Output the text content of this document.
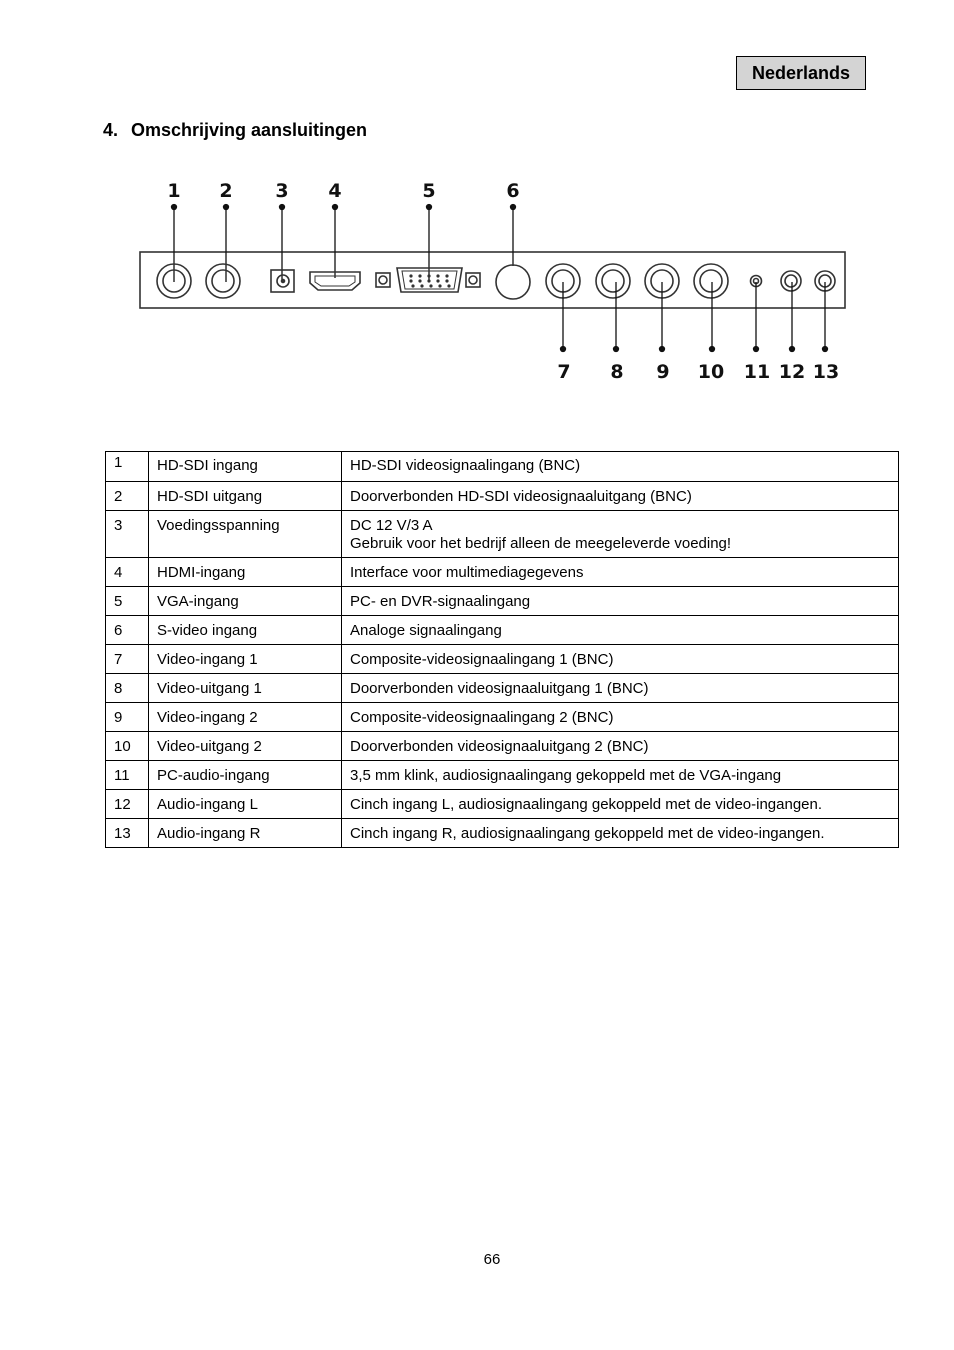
Nederlands
4. Omschrijving aansluitingen
1 2 3 4	5	6
7 8 9 10 11 12 13
1	HD-SDI ingang	HD-SDI videosignaalingang (BNC)
2	HD-SDI uitgang	Doorverbonden HD-SDI videosignaaluitgang (BNC)
3	Voedingsspanning	DC 12 V/3 A
Gebruik voor het bedrijf alleen de meegeleverde voeding!

4	HDMI-ingang	Interface voor multimediagegevens
5	VGA-ingang	PC- en DVR-signaalingang
6	S-video ingang	Analoge signaalingang
7	Video-ingang 1	Composite-videosignaalingang 1 (BNC)
8	Video-uitgang 1	Doorverbonden videosignaaluitgang 1 (BNC)
9	Video-ingang 2	Composite-videosignaalingang 2 (BNC)
10	Video-uitgang 2	Doorverbonden videosignaaluitgang 2 (BNC)
11	PC-audio-ingang	3,5 mm klink, audiosignaalingang gekoppeld met de VGA-ingang
12	Audio-ingang L	Cinch ingang L, audiosignaalingang gekoppeld met de video-ingangen.
13	Audio-ingang R	Cinch ingang R, audiosignaalingang gekoppeld met de video-ingangen.
66
